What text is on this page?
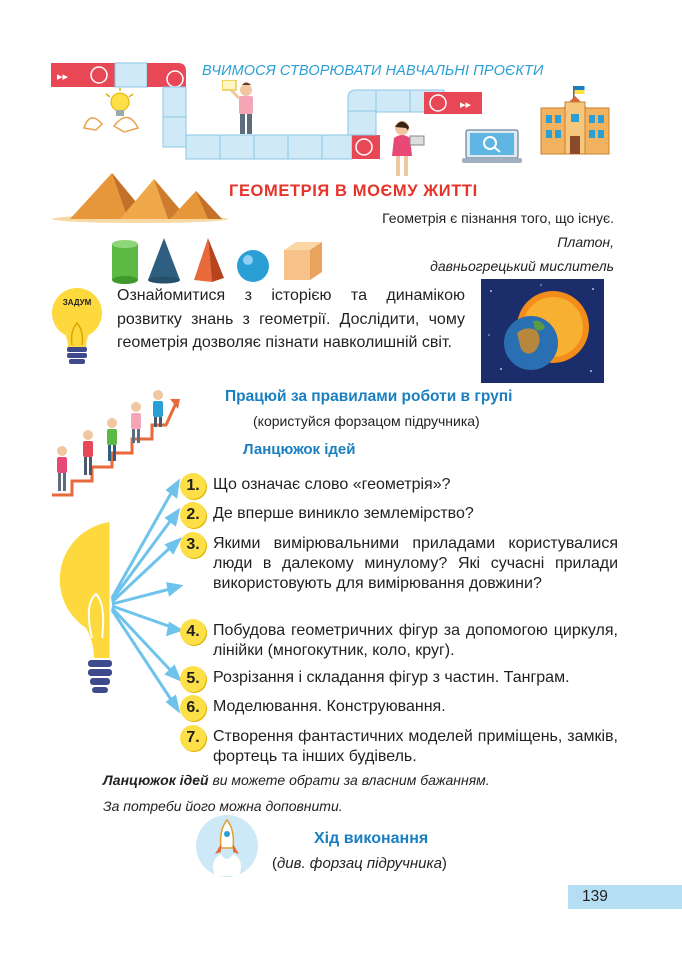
▸▸
▸▸
ВЧИМОСЯ СТВОРЮВАТИ НАВЧАЛЬНІ ПРОЄКТИ
ГЕОМЕТРІЯ В МОЄМУ ЖИТТІ
Геометрія є пізнання того, що існує.
Платон,
давньогрецький мислитель
ЗАДУМ Ознайомитися з історією та динамікою розвитку знань з геометрії. Дослідити, чому геометрія дозволяє пізнати навколишній світ.
Працюй за правилами роботи в групі
(користуйся форзацом підручника)
Ланцюжок ідей
1. Що означає слово «геометрія»?
2. Де вперше виникло землемірство?
3. Якими вимірювальними приладами користувалися люди в далекому минулому? Які сучасні прилади використовують для вимірювання довжини?
4. Побудова геометричних фігур за допомогою циркуля, лінійки (многокутник, коло, круг).
5. Розрізання і складання фігур з частин. Танграм.
6. Моделювання. Конструювання.
7. Створення фантастичних моделей приміщень, замків, фортець та інших будівель.
Ланцюжок ідей ви можете обрати за власним бажанням.
За потреби його можна доповнити.
Хід виконання
(див. форзац підручника)
139
